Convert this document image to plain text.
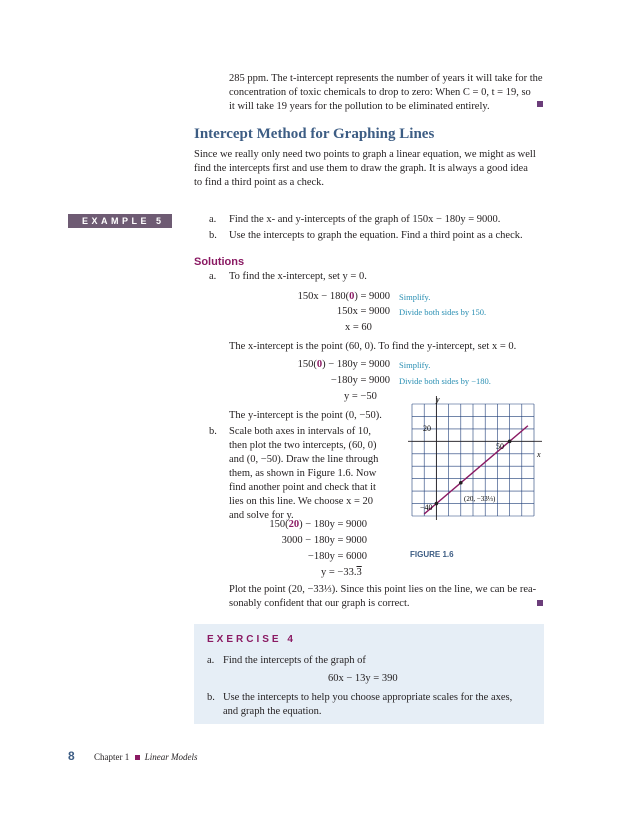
285 ppm. The t-intercept represents the number of years it will take for the
concentration of toxic chemicals to drop to zero: When C = 0, t = 19, so
it will take 19 years for the pollution to be eliminated entirely.
Intercept Method for Graphing Lines
Since we really only need two points to graph a linear equation, we might as well
find the intercepts first and use them to draw the graph. It is always a good idea
to find a third point as a check.
EXAMPLE 5	a. Find the x- and y-intercepts of the graph of 150x − 180y = 9000.
b. Use the intercepts to graph the equation. Find a third point as a check.
Solutions
a. To find the x-intercept, set y = 0.
150x − 180(0) = 9000 Simplify.
150x = 9000 Divide both sides by 150.
x = 60
The x-intercept is the point (60, 0). To find the y-intercept, set x = 0.
150(0) − 180y = 9000 Simplify.
−180y = 9000 Divide both sides by −180.
y = −50
The y-intercept is the point (0, −50).
b. Scale both axes in intervals of 10,
then plot the two intercepts, (60, 0)
and (0, −50). Draw the line through
them, as shown in Figure 1.6. Now
find another point and check that it
lies on this line. We choose x = 20
and solve for y.
150(20) − 180y = 9000
3000 − 180y = 9000
−180y = 6000
y = −33.3
Plot the point (20, −33⅓). Since this point lies on the line, we can be rea-
sonably confident that our graph is correct.
y
x
20
50
−40
(20, −33⅓)
FIGURE 1.6
EXERCISE 4
a. Find the intercepts of the graph of
60x − 13y = 390
b. Use the intercepts to help you choose appropriate scales for the axes,
and graph the equation.
8 Chapter 1 Linear Models
